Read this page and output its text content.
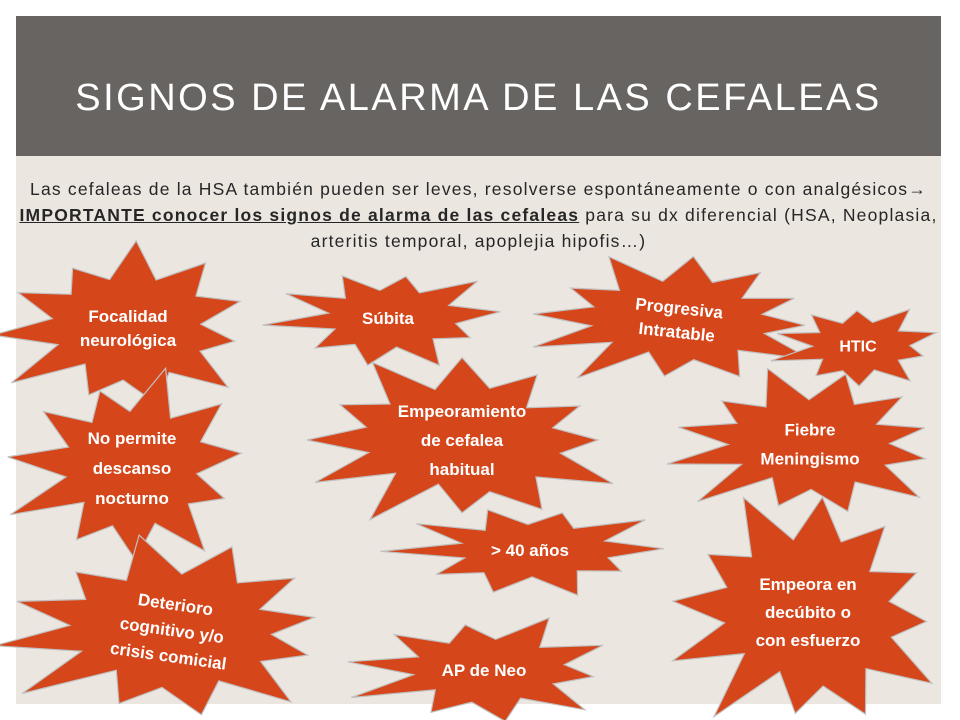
SIGNOS DE ALARMA DE LAS CEFALEAS
Las cefaleas de la HSA también pueden ser leves, resolverse espontáneamente o con analgésicos→ IMPORTANTE conocer los signos de alarma de las cefaleas para su dx diferencial (HSA, Neoplasia, arteritis temporal, apoplejia hipofis…)
Focalidad neurológica
Súbita	ProgresivaIntratable
HTIC
No permite descanso nocturno
Empeoramiento de cefalea habitual
Fiebre Meningismo
> 40 años
Empeora en decúbito o con esfuerzo
Deteriorocognitivo y/ocrisis comicial	AP de Neo
